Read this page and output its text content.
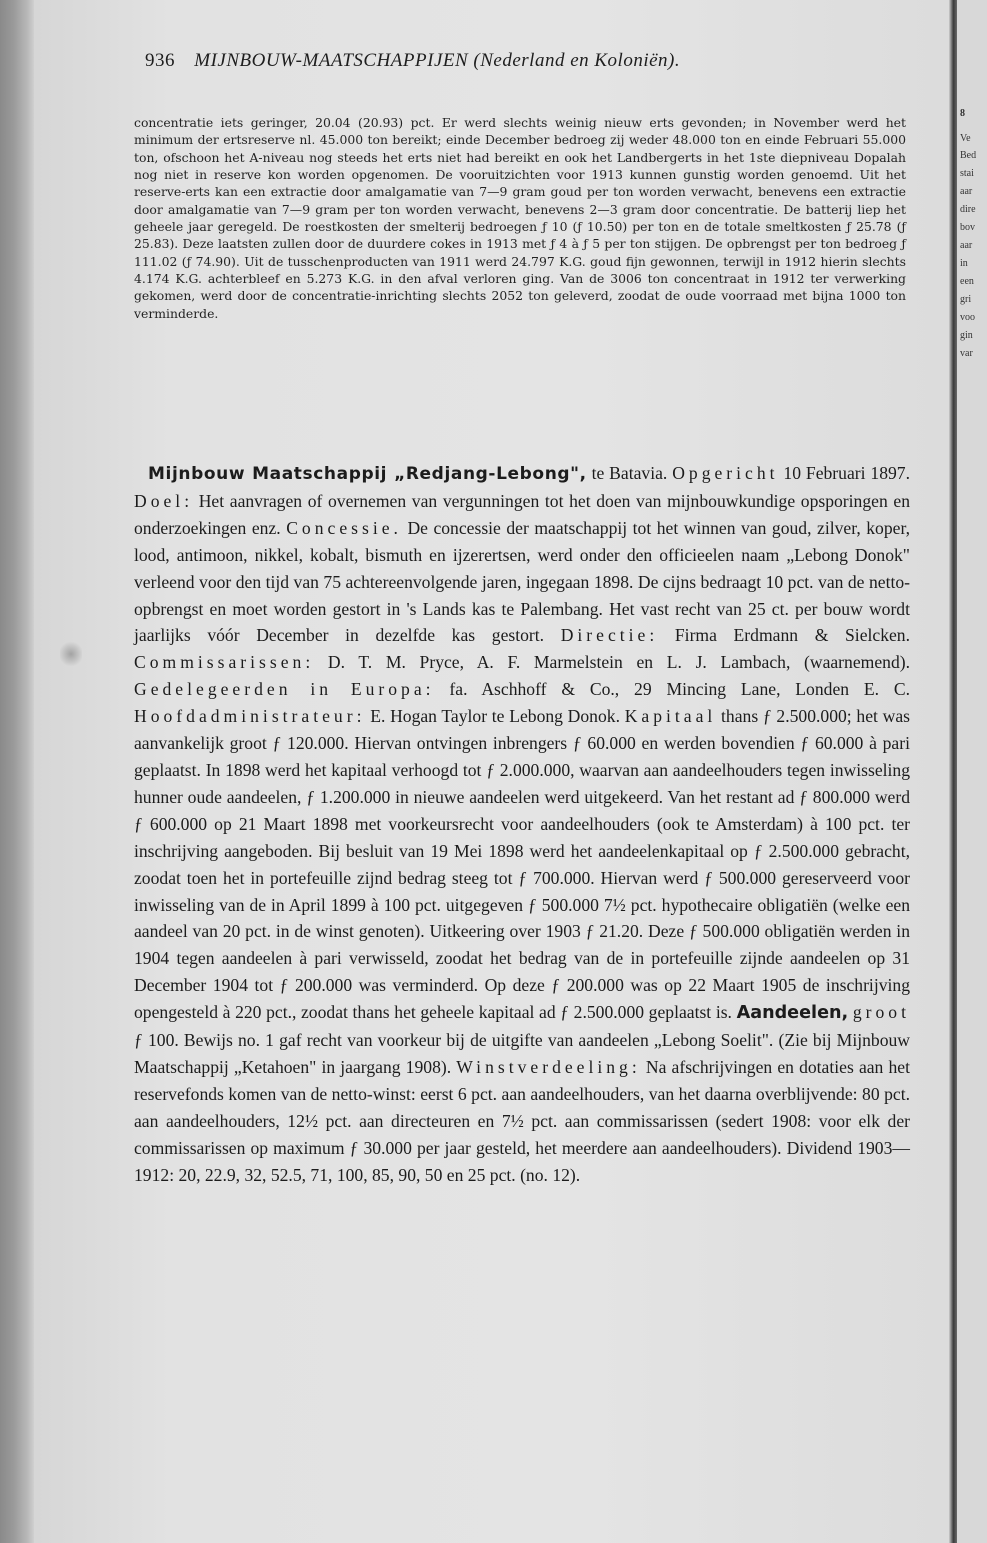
8
Ve
Bed
stai
aar
dire
bov
aar
in
een
gri
voo
gin
var
936 MIJNBOUW-MAATSCHAPPIJEN (Nederland en Koloniën).

concentratie iets geringer, 20.04 (20.93) pct. Er werd slechts weinig nieuw erts gevonden; in November werd het minimum der ertsreserve nl. 45.000 ton bereikt; einde December bedroeg zij weder 48.000 ton en einde Februari 55.000 ton, ofschoon het A-niveau nog steeds het erts niet had bereikt en ook het Landbergerts in het 1ste diepniveau Dopalah nog niet in reserve kon worden opgenomen. De vooruitzichten voor 1913 kunnen gunstig worden genoemd. Uit het reserve-erts kan een extractie door amalgamatie van 7—9 gram goud per ton worden verwacht, benevens een extractie door amalgamatie van 7—9 gram per ton worden verwacht, benevens 2—3 gram door concentratie. De batterij liep het geheele jaar geregeld. De roestkosten der smelterij bedroegen ƒ 10 (ƒ 10.50) per ton en de totale smeltkosten ƒ 25.78 (ƒ 25.83). Deze laatsten zullen door de duurdere cokes in 1913 met ƒ 4 à ƒ 5 per ton stijgen. De opbrengst per ton bedroeg ƒ 111.02 (ƒ 74.90). Uit de tusschenproducten van 1911 werd 24.797 K.G. goud fijn gewonnen, terwijl in 1912 hierin slechts 4.174 K.G. achterbleef en 5.273 K.G. in den afval verloren ging. Van de 3006 ton concentraat in 1912 ter verwerking gekomen, werd door de concentratie-inrichting slechts 2052 ton geleverd, zoodat de oude voorraad met bijna 1000 ton verminderde.

Mijnbouw Maatschappij „Redjang-Lebong", te Batavia. Opgericht 10 Februari 1897. Doel: Het aanvragen of overnemen van vergunningen tot het doen van mijnbouwkundige opsporingen en onderzoekingen enz. Concessie. De concessie der maatschappij tot het winnen van goud, zilver, koper, lood, antimoon, nikkel, kobalt, bismuth en ijzerertsen, werd onder den officieelen naam „Lebong Donok" verleend voor den tijd van 75 achtereenvolgende jaren, ingegaan 1898. De cijns bedraagt 10 pct. van de netto-opbrengst en moet worden gestort in 's Lands kas te Palembang. Het vast recht van 25 ct. per bouw wordt jaarlijks vóór December in dezelfde kas gestort. Directie: Firma Erdmann & Sielcken. Commissarissen: D. T. M. Pryce, A. F. Marmelstein en L. J. Lambach, (waarnemend). Gedelegeerden in Europa: fa. Aschhoff & Co., 29 Mincing Lane, Londen E. C. Hoofdadministrateur: E. Hogan Taylor te Lebong Donok. Kapitaal thans ƒ 2.500.000; het was aanvankelijk groot ƒ 120.000. Hiervan ontvingen inbrengers ƒ 60.000 en werden bovendien ƒ 60.000 à pari geplaatst. In 1898 werd het kapitaal verhoogd tot ƒ 2.000.000, waarvan aan aandeelhouders tegen inwisseling hunner oude aandeelen, ƒ 1.200.000 in nieuwe aandeelen werd uitgekeerd. Van het restant ad ƒ 800.000 werd ƒ 600.000 op 21 Maart 1898 met voorkeursrecht voor aandeelhouders (ook te Amsterdam) à 100 pct. ter inschrijving aangeboden. Bij besluit van 19 Mei 1898 werd het aandeelenkapitaal op ƒ 2.500.000 gebracht, zoodat toen het in portefeuille zijnd bedrag steeg tot ƒ 700.000. Hiervan werd ƒ 500.000 gereserveerd voor inwisseling van de in April 1899 à 100 pct. uitgegeven ƒ 500.000 7½ pct. hypothecaire obligatiën (welke een aandeel van 20 pct. in de winst genoten). Uitkeering over 1903 ƒ 21.20. Deze ƒ 500.000 obligatiën werden in 1904 tegen aandeelen à pari verwisseld, zoodat het bedrag van de in portefeuille zijnde aandeelen op 31 December 1904 tot ƒ 200.000 was verminderd. Op deze ƒ 200.000 was op 22 Maart 1905 de inschrijving opengesteld à 220 pct., zoodat thans het geheele kapitaal ad ƒ 2.500.000 geplaatst is. Aandeelen, groot ƒ 100. Bewijs no. 1 gaf recht van voorkeur bij de uitgifte van aandeelen „Lebong Soelit". (Zie bij Mijnbouw Maatschappij „Ketahoen" in jaargang 1908). Winstverdeeling: Na afschrijvingen en dotaties aan het reservefonds komen van de netto-winst: eerst 6 pct. aan aandeelhouders, van het daarna overblijvende: 80 pct. aan aandeelhouders, 12½ pct. aan directeuren en 7½ pct. aan commissarissen (sedert 1908: voor elk der commissarissen op maximum ƒ 30.000 per jaar gesteld, het meerdere aan aandeelhouders). Dividend 1903—1912: 20, 22.9, 32, 52.5, 71, 100, 85, 90, 50 en 25 pct. (no. 12).
